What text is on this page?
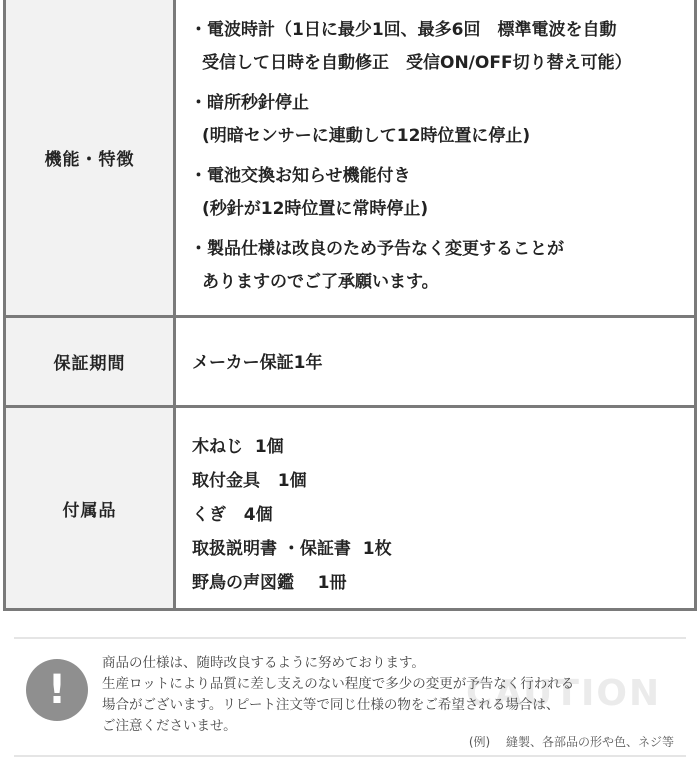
機能・特徴
・電波時計（1日に最少1回、最多6回　標準電波を自動
受信して日時を自動修正　受信ON/OFF切り替え可能）
・暗所秒針停止
(明暗センサーに連動して12時位置に停止)
・電池交換お知らせ機能付き
(秒針が12時位置に常時停止)
・製品仕様は改良のため予告なく変更することが
ありますのでご了承願います。
保証期間	メーカー保証1年
付属品
木ねじ  1個
取付金具   1個
くぎ   4個
取扱説明書 ・保証書  1枚
野鳥の声図鑑    1冊
CAUTION
!
商品の仕様は、随時改良するように努めております。
生産ロットにより品質に差し支えのない程度で多少の変更が予告なく行われる
場合がございます。リピート注文等で同じ仕様の物をご希望される場合は、
ご注意くださいませ。
(例)　 縫製、各部品の形や色、ネジ等
